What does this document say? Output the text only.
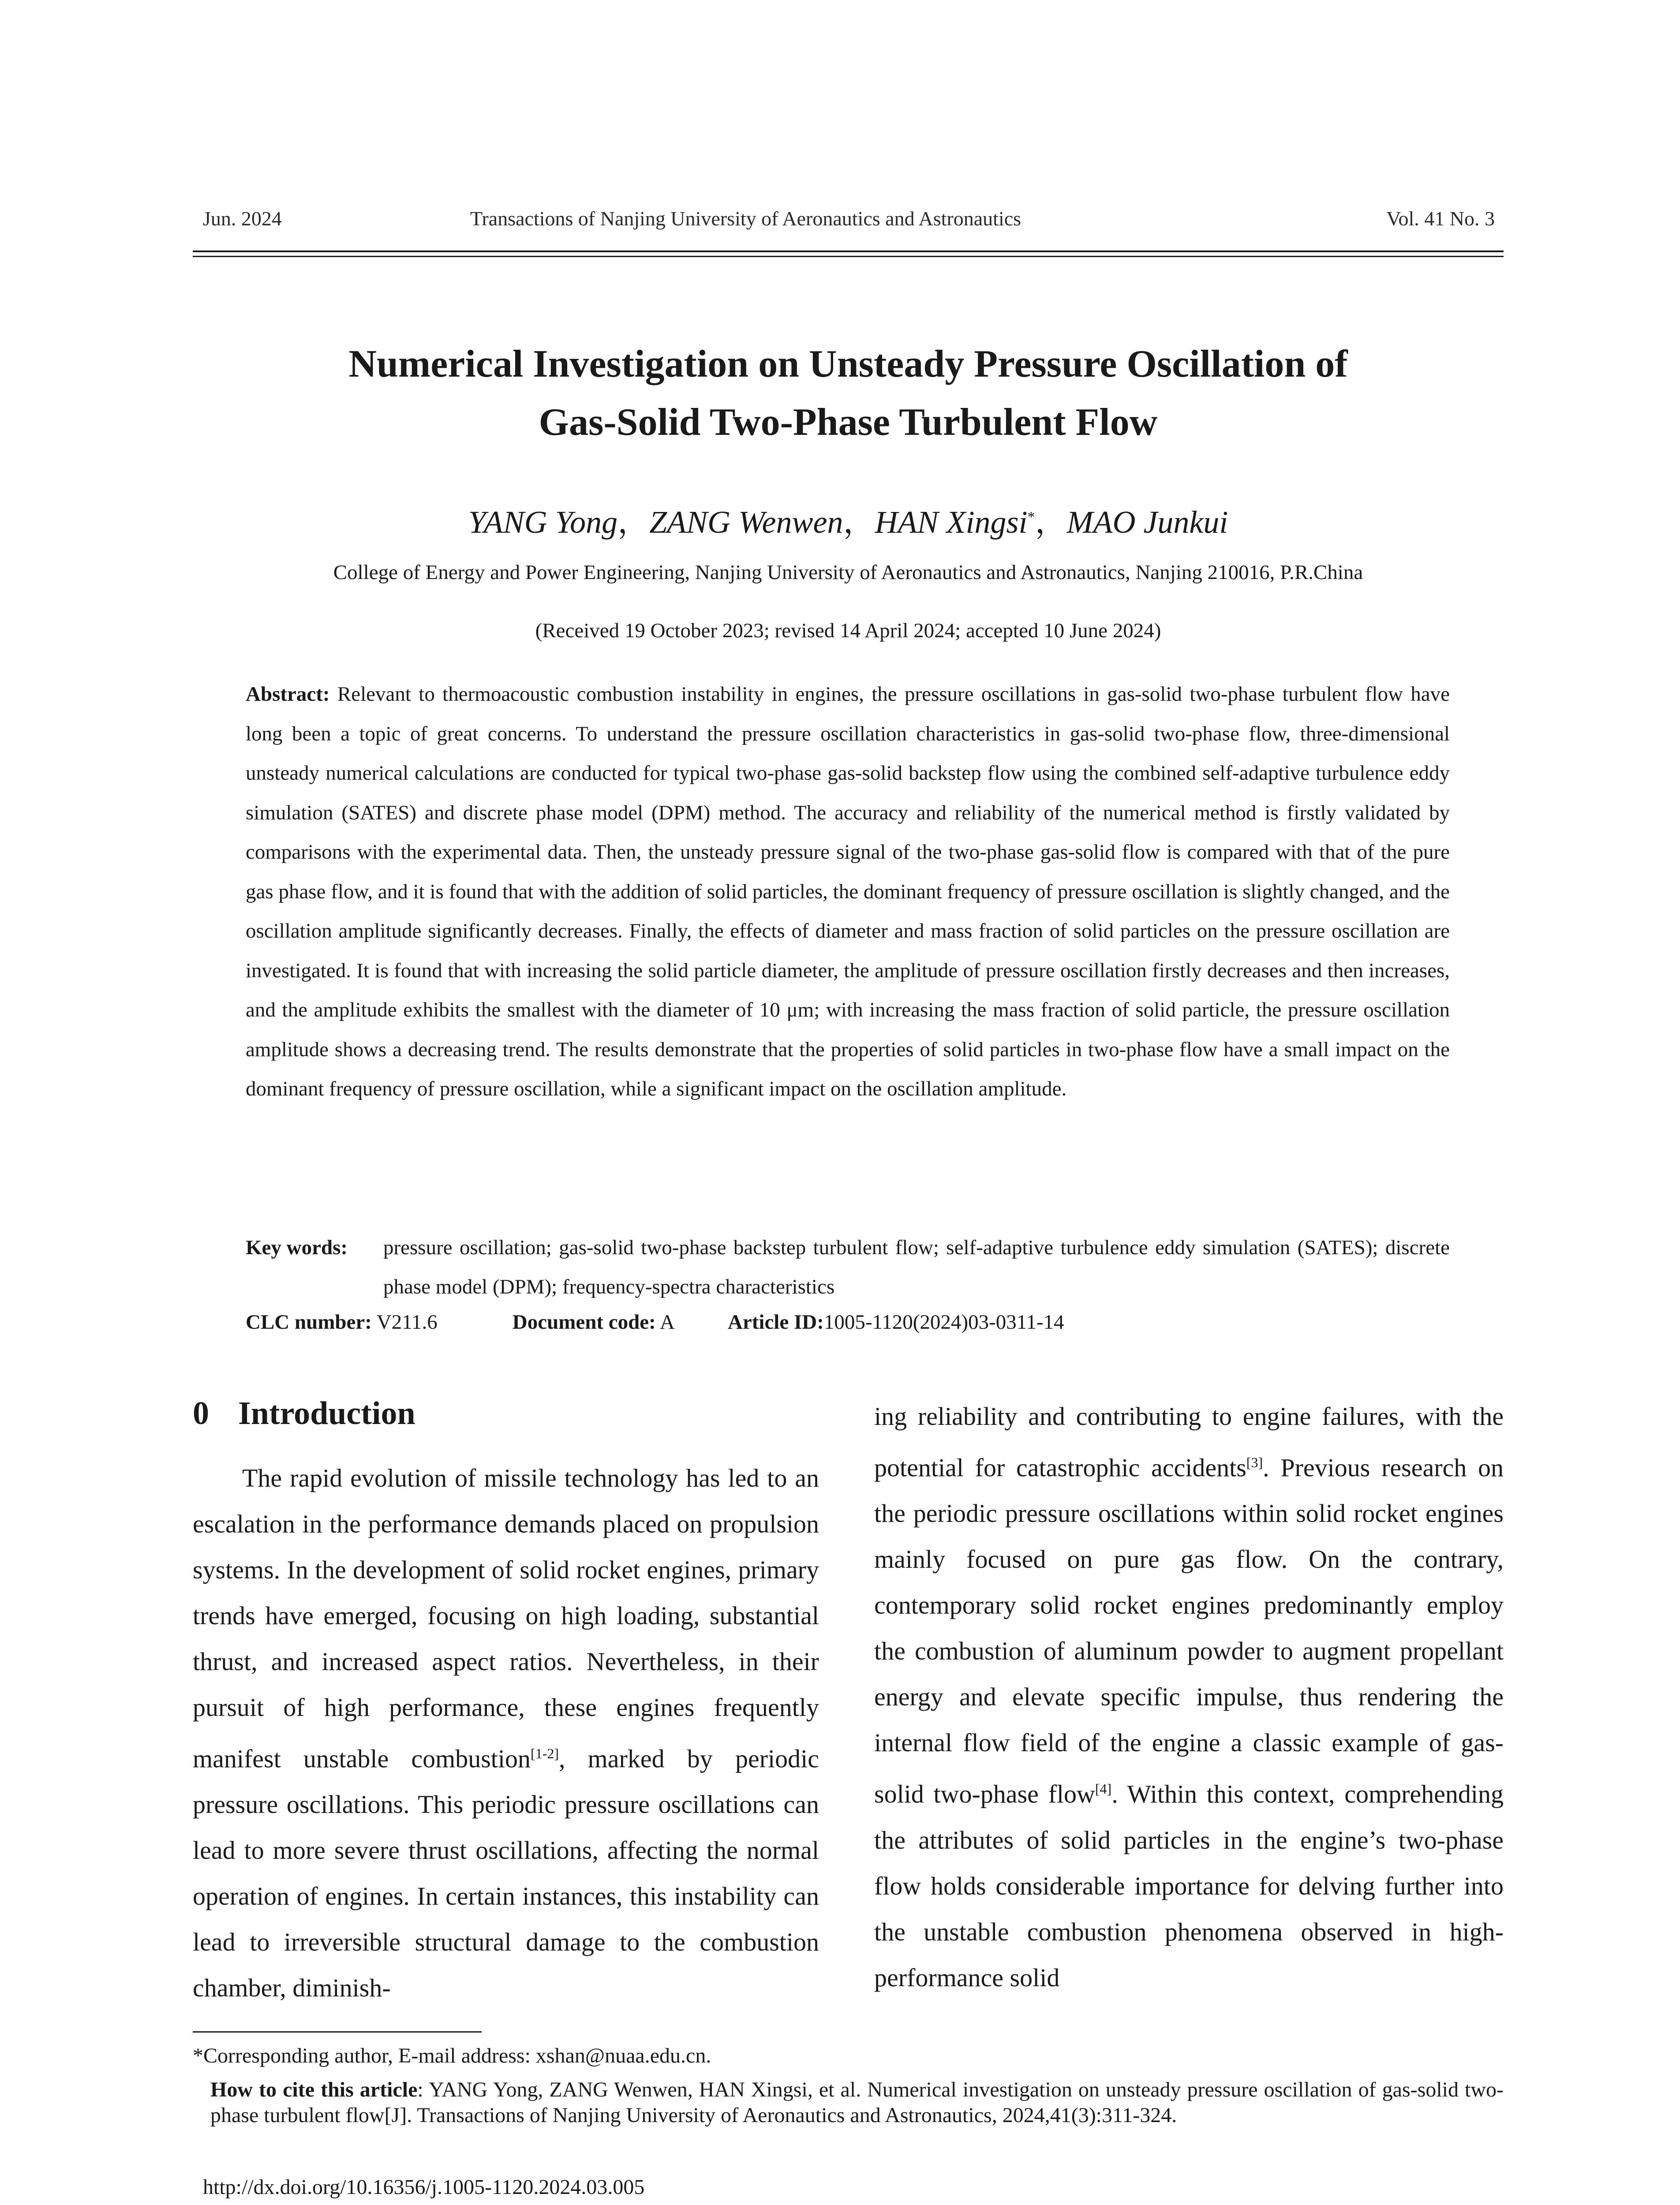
Jun. 2024	Transactions of Nanjing University of Aeronautics and Astronautics	Vol. 41 No. 3
Numerical Investigation on Unsteady Pressure Oscillation of
Gas-Solid Two-Phase Turbulent Flow
YANG Yong，ZANG Wenwen，HAN Xingsi*，MAO Junkui
College of Energy and Power Engineering, Nanjing University of Aeronautics and Astronautics, Nanjing 210016, P.R.China
(Received 19 October 2023; revised 14 April 2024; accepted 10 June 2024)
Abstract: Relevant to thermoacoustic combustion instability in engines, the pressure oscillations in gas-solid two-phase turbulent flow have long been a topic of great concerns. To understand the pressure oscillation characteristics in gas-solid two-phase flow, three-dimensional unsteady numerical calculations are conducted for typical two-phase gas-solid backstep flow using the combined self-adaptive turbulence eddy simulation (SATES) and discrete phase model (DPM) method. The accuracy and reliability of the numerical method is firstly validated by comparisons with the experimental data. Then, the unsteady pressure signal of the two-phase gas-solid flow is compared with that of the pure gas phase flow, and it is found that with the addition of solid particles, the dominant frequency of pressure oscillation is slightly changed, and the oscillation amplitude significantly decreases. Finally, the effects of diameter and mass fraction of solid particles on the pressure oscillation are investigated. It is found that with increasing the solid particle diameter, the amplitude of pressure oscillation firstly decreases and then increases, and the amplitude exhibits the smallest with the diameter of 10 μm; with increasing the mass fraction of solid particle, the pressure oscillation amplitude shows a decreasing trend. The results demonstrate that the properties of solid particles in two-phase flow have a small impact on the dominant frequency of pressure oscillation, while a significant impact on the oscillation amplitude.
Key words: pressure oscillation; gas-solid two-phase backstep turbulent flow; self-adaptive turbulence eddy simulation (SATES); discrete phase model (DPM); frequency-spectra characteristics
CLC number: V211.6	Document code: A	Article ID:1005-1120(2024)03-0311-14
0 Introduction

The rapid evolution of missile technology has led to an escalation in the performance demands placed on propulsion systems. In the development of solid rocket engines, primary trends have emerged, focusing on high loading, substantial thrust, and increased aspect ratios. Nevertheless, in their pursuit of high performance, these engines frequently manifest unstable combustion[1-2], marked by periodic pressure oscillations. This periodic pressure oscillations can lead to more severe thrust oscillations, affecting the normal operation of engines. In certain instances, this instability can lead to irreversible structural damage to the combustion chamber, diminish-

ing reliability and contributing to engine failures, with the potential for catastrophic accidents[3]. Previous research on the periodic pressure oscillations within solid rocket engines mainly focused on pure gas flow. On the contrary, contemporary solid rocket engines predominantly employ the combustion of aluminum powder to augment propellant energy and elevate specific impulse, thus rendering the internal flow field of the engine a classic example of gas-solid two-phase flow[4]. Within this context, comprehending the attributes of solid particles in the engine’s two-phase flow holds considerable importance for delving further into the unstable combustion phenomena observed in high-performance solid

*Corresponding author, E-mail address: xshan@nuaa.edu.cn.
How to cite this article: YANG Yong, ZANG Wenwen, HAN Xingsi, et al. Numerical investigation on unsteady pressure oscillation of gas-solid two-phase turbulent flow[J]. Transactions of Nanjing University of Aeronautics and Astronautics, 2024,41(3):311-324.
http://dx.doi.org/10.16356/j.1005-1120.2024.03.005
